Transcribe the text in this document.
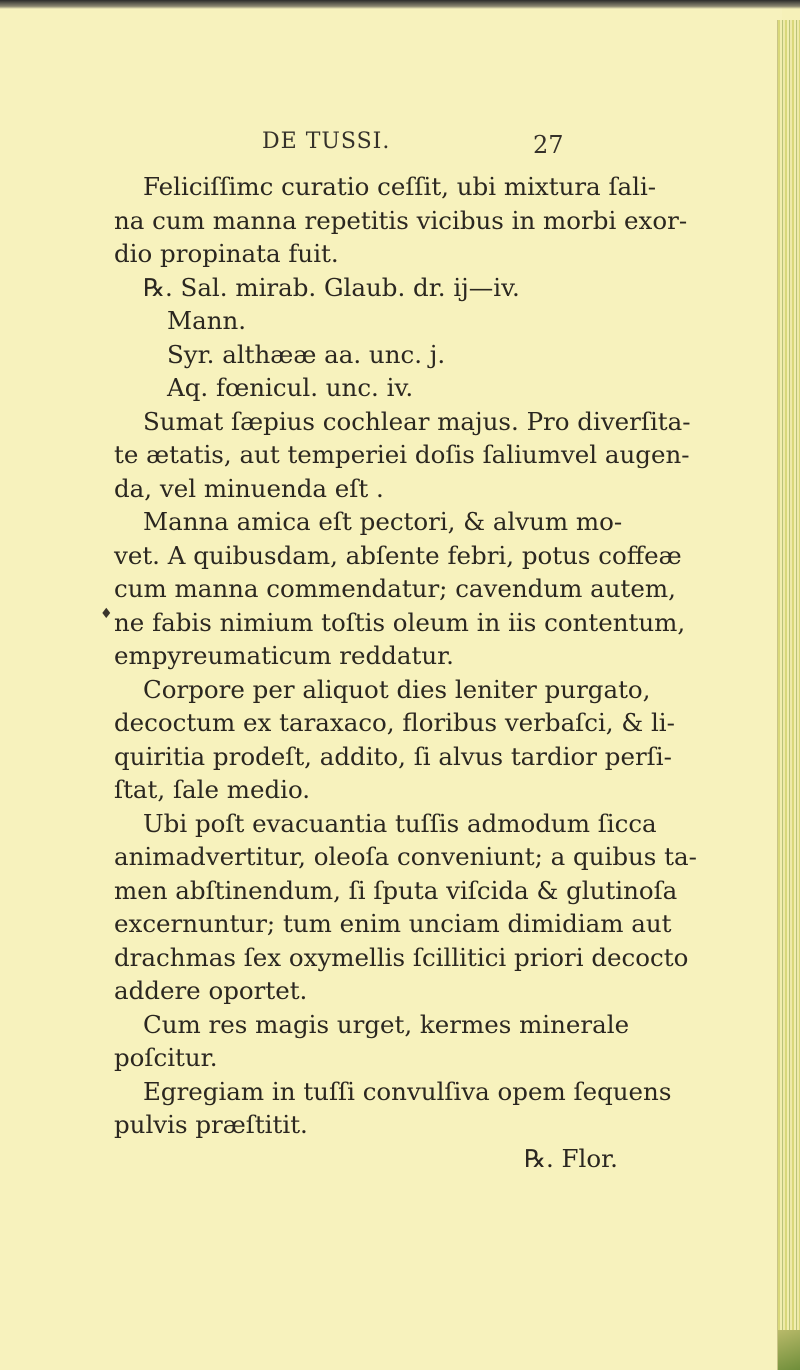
DE TUSSI.	27
Feliciſſimc curatio ceſſit, ubi mixtura ſali-
na cum manna repetitis vicibus in morbi exor-
dio propinata fuit.
℞. Sal. mirab. Glaub. dr. ij—iv.
Mann.
Syr. althææ aa. unc. j.
Aq. fœnicul. unc. iv.
Sumat ſæpius cochlear majus. Pro diverſita-
te ætatis, aut temperiei doſis ſaliumvel augen-
da, vel minuenda eſt .
Manna amica eſt pectori, & alvum mo-
vet. A quibusdam, abſente febri, potus coffeæ
cum manna commendatur; cavendum autem,
ne fabis nimium toſtis oleum in iis contentum,
empyreumaticum reddatur.
Corpore per aliquot dies leniter purgato,
decoctum ex taraxaco, floribus verbaſci, & li-
quiritia prodeſt, addito, ſi alvus tardior perſi-
ſtat, ſale medio.
Ubi poſt evacuantia tuſſis admodum ſicca
animadvertitur, oleoſa conveniunt; a quibus ta-
men abſtinendum, ſi ſputa viſcida & glutinoſa
excernuntur; tum enim unciam dimidiam aut
drachmas ſex oxymellis ſcillitici priori decocto
addere oportet.
Cum res magis urget, kermes minerale
poſcitur.
Egregiam in tuſſi convulſiva opem ſequens
pulvis præſtitit.
℞. Flor.
♦
